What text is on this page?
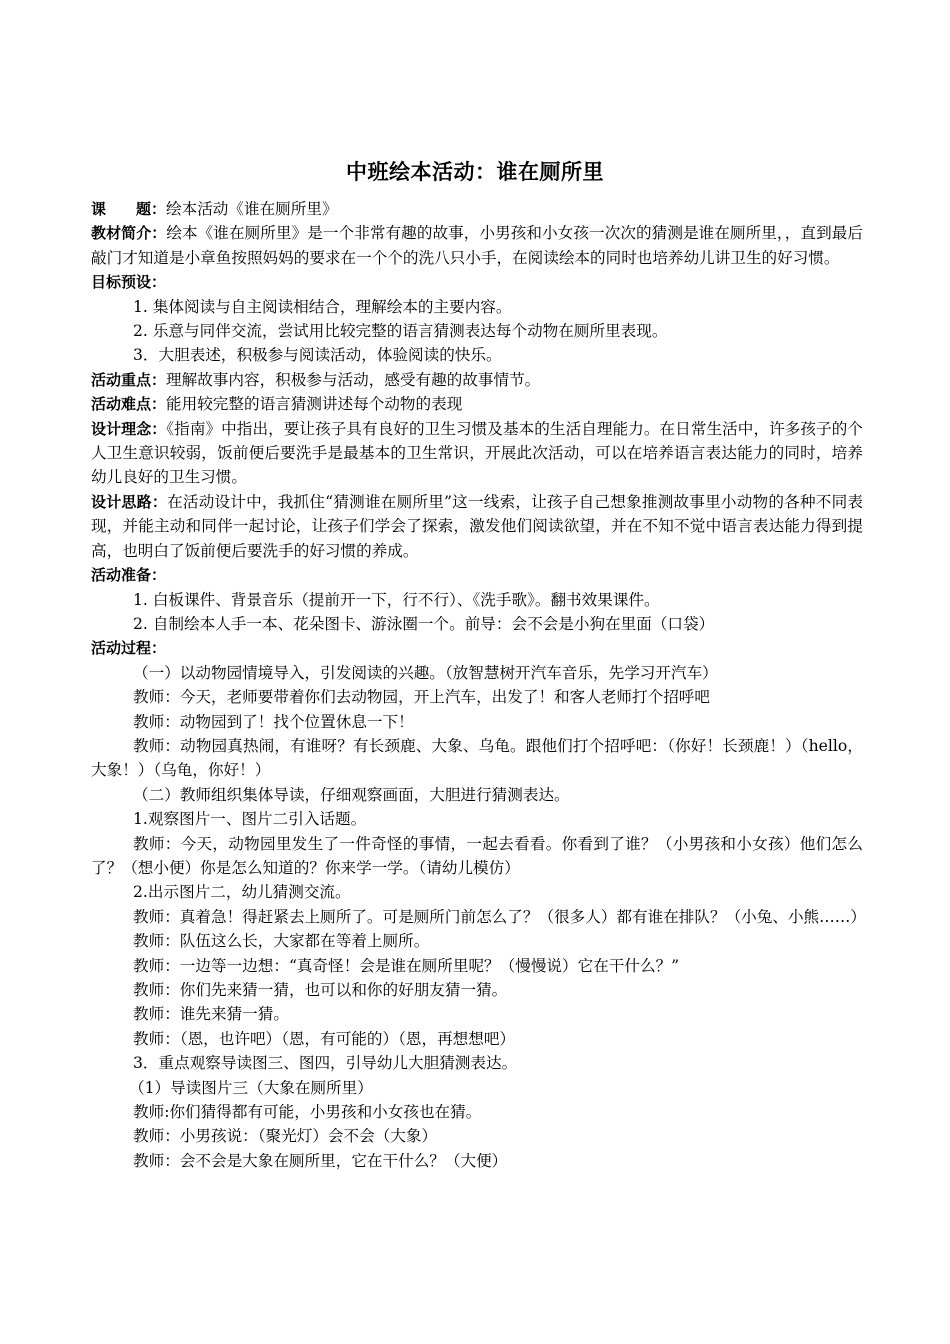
中班绘本活动：谁在厕所里

课　　题：绘本活动《谁在厕所里》

教材简介：绘本《谁在厕所里》是一个非常有趣的故事，小男孩和小女孩一次次的猜测是谁在厕所里，，直到最后敲门才知道是小章鱼按照妈妈的要求在一个个的洗八只小手，在阅读绘本的同时也培养幼儿讲卫生的好习惯。

目标预设：

1. 集体阅读与自主阅读相结合，理解绘本的主要内容。

2. 乐意与同伴交流，尝试用比较完整的语言猜测表达每个动物在厕所里表现。

3．大胆表述，积极参与阅读活动，体验阅读的快乐。

活动重点：理解故事内容，积极参与活动，感受有趣的故事情节。

活动难点：能用较完整的语言猜测讲述每个动物的表现

设计理念：《指南》中指出，要让孩子具有良好的卫生习惯及基本的生活自理能力。在日常生活中，许多孩子的个人卫生意识较弱，饭前便后要洗手是最基本的卫生常识，开展此次活动，可以在培养语言表达能力的同时，培养幼儿良好的卫生习惯。

设计思路：在活动设计中，我抓住“猜测谁在厕所里”这一线索，让孩子自己想象推测故事里小动物的各种不同表现，并能主动和同伴一起讨论，让孩子们学会了探索，激发他们阅读欲望，并在不知不觉中语言表达能力得到提高，也明白了饭前便后要洗手的好习惯的养成。

活动准备：

1. 白板课件、背景音乐（提前开一下，行不行）、《洗手歌》。翻书效果课件。

2. 自制绘本人手一本、花朵图卡、游泳圈一个。前导：会不会是小狗在里面（口袋）

活动过程：

（一）以动物园情境导入，引发阅读的兴趣。（放智慧树开汽车音乐，先学习开汽车）

教师：今天，老师要带着你们去动物园，开上汽车，出发了！和客人老师打个招呼吧

教师：动物园到了！找个位置休息一下！

教师：动物园真热闹，有谁呀？有长颈鹿、大象、乌龟。跟他们打个招呼吧：（你好！长颈鹿！）（hello，大象！）（乌龟，你好！）

（二）教师组织集体导读，仔细观察画面，大胆进行猜测表达。

1.观察图片一、图片二引入话题。

教师：今天，动物园里发生了一件奇怪的事情，一起去看看。你看到了谁？（小男孩和小女孩）他们怎么了？（想小便）你是怎么知道的？你来学一学。（请幼儿模仿）

2.出示图片二，幼儿猜测交流。

教师：真着急！得赶紧去上厕所了。可是厕所门前怎么了？（很多人）都有谁在排队？（小兔、小熊……）

教师：队伍这么长，大家都在等着上厕所。

教师：一边等一边想：“真奇怪！会是谁在厕所里呢？（慢慢说）它在干什么？”

教师：你们先来猜一猜，也可以和你的好朋友猜一猜。

教师：谁先来猜一猜。

教师：（恩，也许吧）（恩，有可能的）（恩，再想想吧）

3．重点观察导读图三、图四，引导幼儿大胆猜测表达。

（1）导读图片三（大象在厕所里）

教师:你们猜得都有可能，小男孩和小女孩也在猜。

教师：小男孩说：（聚光灯）会不会（大象）

教师：会不会是大象在厕所里，它在干什么？（大便）
